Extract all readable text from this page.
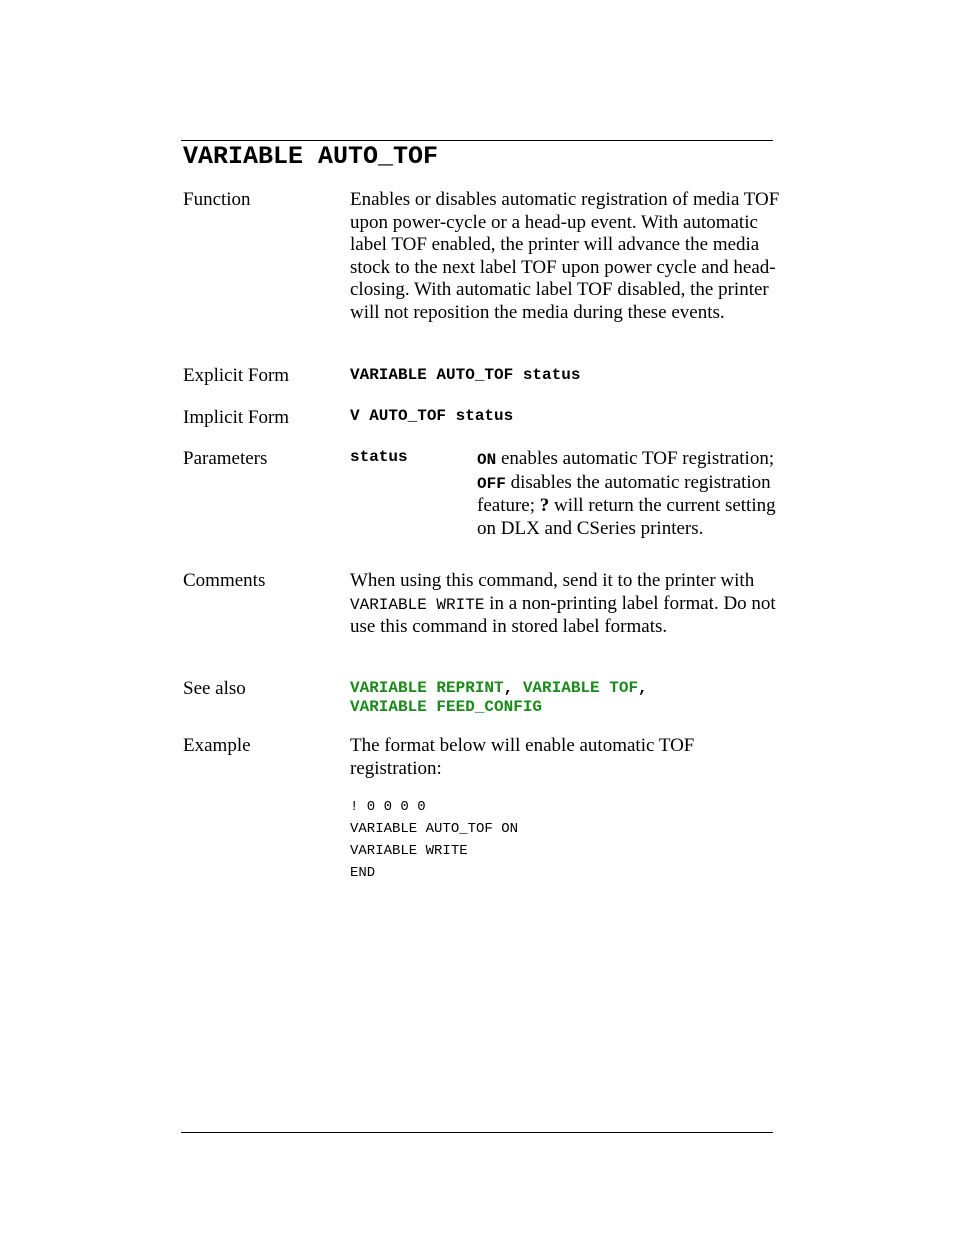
VARIABLE AUTO_TOF
Function	Enables or disables automatic registration of media TOF upon power-cycle or a head-up event. With automatic label TOF enabled, the printer will advance the media stock to the next label TOF upon power cycle and head-closing. With automatic label TOF disabled, the printer will not reposition the media during these events.
Explicit Form	VARIABLE AUTO_TOF status
Implicit Form	V AUTO_TOF status
Parameters	status	ON enables automatic TOF registration; OFF disables the automatic registration feature; ? will return the current setting on DLX and CSeries printers.
Comments	When using this command, send it to the printer with VARIABLE WRITE in a non-printing label format. Do not use this command in stored label formats.
See also	VARIABLE REPRINT, VARIABLE TOF,
VARIABLE FEED_CONFIG
Example	The format below will enable automatic TOF registration:
! 0 0 0 0
VARIABLE AUTO_TOF ON
VARIABLE WRITE
END
